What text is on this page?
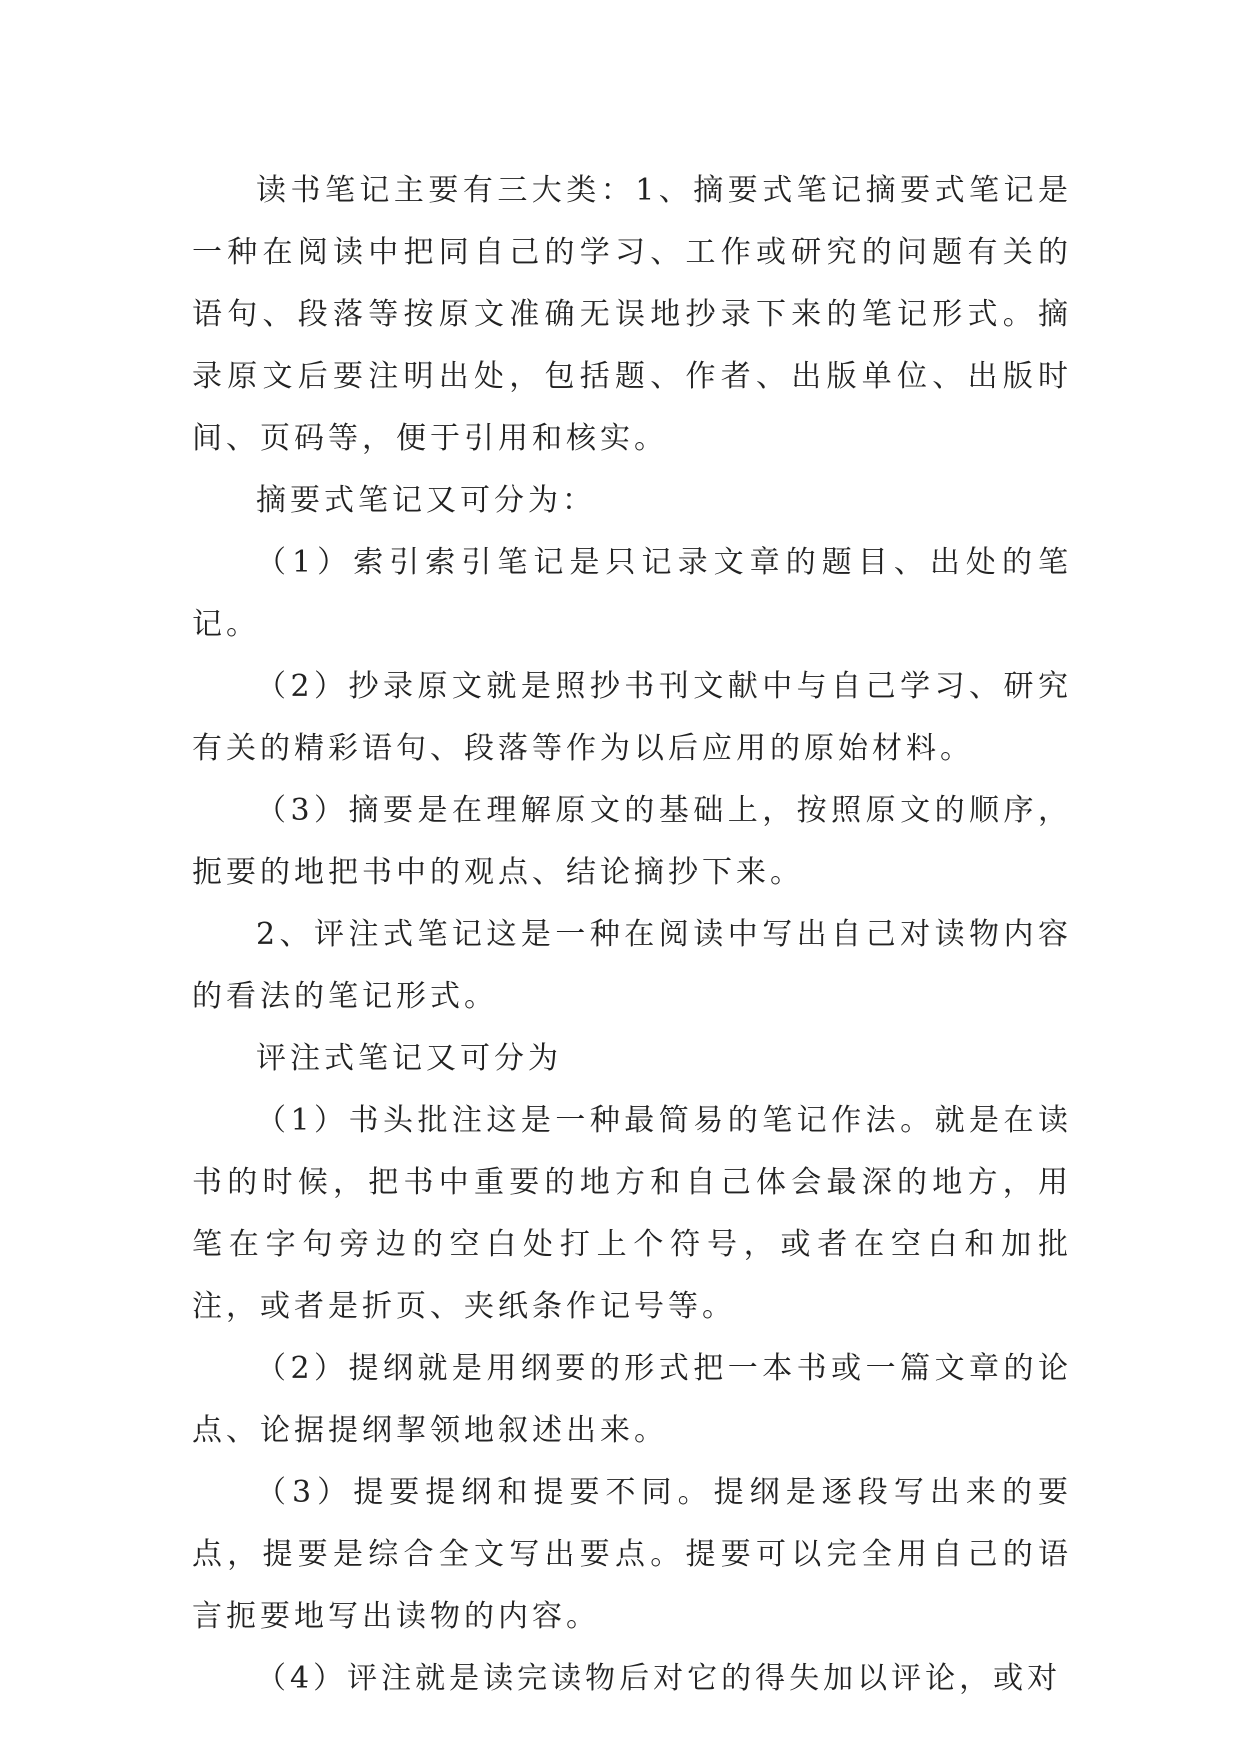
读书笔记主要有三大类：1、摘要式笔记摘要式笔记是一种在阅读中把同自己的学习、工作或研究的问题有关的语句、段落等按原文准确无误地抄录下来的笔记形式。摘录原文后要注明出处，包括题、作者、出版单位、出版时间、页码等，便于引用和核实。

摘要式笔记又可分为：

（1）索引索引笔记是只记录文章的题目、出处的笔记。

（2）抄录原文就是照抄书刊文献中与自己学习、研究有关的精彩语句、段落等作为以后应用的原始材料。

（3）摘要是在理解原文的基础上，按照原文的顺序，扼要的地把书中的观点、结论摘抄下来。

2、评注式笔记这是一种在阅读中写出自己对读物内容的看法的笔记形式。

评注式笔记又可分为

（1）书头批注这是一种最简易的笔记作法。就是在读书的时候，把书中重要的地方和自己体会最深的地方，用笔在字句旁边的空白处打上个符号，或者在空白和加批注，或者是折页、夹纸条作记号等。

（2）提纲就是用纲要的形式把一本书或一篇文章的论点、论据提纲挈领地叙述出来。

（3）提要提纲和提要不同。提纲是逐段写出来的要点，提要是综合全文写出要点。提要可以完全用自己的语言扼要地写出读物的内容。

（4）评注就是读完读物后对它的得失加以评论，或对
